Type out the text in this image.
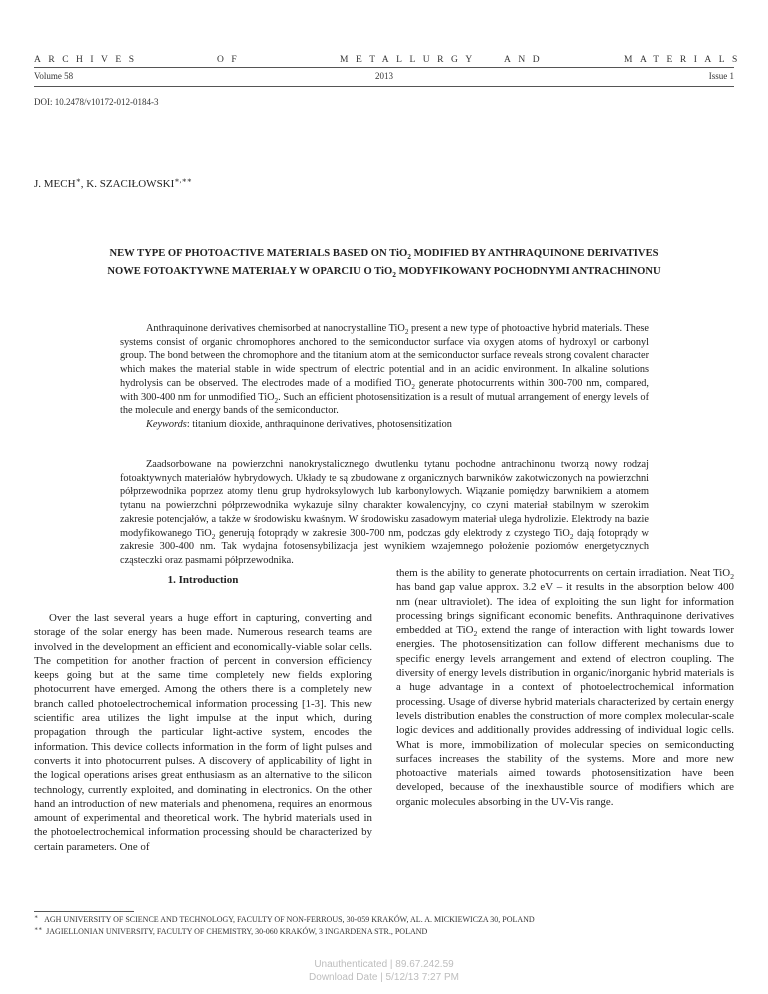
ARCHIVES	OF	METALLURGY	AND	MATERIALS
Volume 58	2013	Issue 1
DOI: 10.2478/v10172-012-0184-3
J. MECH∗, K. SZACIŁOWSKI∗,∗∗
NEW TYPE OF PHOTOACTIVE MATERIALS BASED ON TiO$_2$ MODIFIED BY ANTHRAQUINONE DERIVATIVES
NOWE FOTOAKTYWNE MATERIAŁY W OPARCIU O TiO$_2$ MODYFIKOWANY POCHODNYMI ANTRACHINONU

Anthraquinone derivatives chemisorbed at nanocrystalline TiO$_2$ present a new type of photoactive hybrid materials. These systems consist of organic chromophores anchored to the semiconductor surface via oxygen atoms of hydroxyl or carbonyl group. The bond between the chromophore and the titanium atom at the semiconductor surface reveals strong covalent character which makes the material stable in wide spectrum of electric potential and in an acidic environment. In alkaline solutions hydrolysis can be observed. The electrodes made of a modified TiO$_2$ generate photocurrents within 300-700 nm, compared, with 300-400 nm for unmodified TiO$_2$. Such an efficient photosensitization is a result of mutual arrangement of energy levels of the molecule and energy bands of the semiconductor.

Keywords: titanium dioxide, anthraquinone derivatives, photosensitization

Zaadsorbowane na powierzchni nanokrystalicznego dwutlenku tytanu pochodne antrachinonu tworzą nowy rodzaj fotoaktywnych materiałów hybrydowych. Układy te są zbudowane z organicznych barwników zakotwiczonych na powierzchni półprzewodnika poprzez atomy tlenu grup hydroksylowych lub karbonylowych. Wiązanie pomiędzy barwnikiem a atomem tytanu na powierzchni półprzewodnika wykazuje silny charakter kowalencyjny, co czyni materiał stabilnym w szerokim zakresie potencjałów, a także w środowisku kwaśnym. W środowisku zasadowym materiał ulega hydrolizie. Elektrody na bazie modyfikowanego TiO$_2$ generują fotoprądy w zakresie 300-700 nm, podczas gdy elektrody z czystego TiO$_2$ dają fotoprądy w zakresie 300-400 nm. Tak wydajna fotosensybilizacja jest wynikiem wzajemnego położenie poziomów energetycznych cząsteczki oraz pasmami półprzewodnika.

1. Introduction

Over the last several years a huge effort in capturing, converting and storage of the solar energy has been made. Numerous research teams are involved in the development an efficient and economically-viable solar cells. The competition for another fraction of percent in conversion efficiency keeps going but at the same time completely new fields exploring photocurrent have emerged. Among the others there is a completely new branch called photoelectrochemical information processing [1-3]. This new scientific area utilizes the light impulse at the input which, during propagation through the particular light-active system, encodes the information. This device collects information in the form of light pulses and converts it into photocurrent pulses. A discovery of applicability of light in the logical operations arises great enthusiasm as an alternative to the silicon technology, currently exploited, and dominating in electronics. On the other hand an introduction of new materials and phenomena, requires an enormous amount of experimental and theoretical work. The hybrid materials used in the photoelectrochemical information processing should be characterized by certain parameters. One of

them is the ability to generate photocurrents on certain irradiation. Neat TiO$_2$ has band gap value approx. 3.2 eV – it results in the absorption below 400 nm (near ultraviolet). The idea of exploiting the sun light for information processing brings significant economic benefits. Anthraquinone derivatives embedded at TiO$_2$ extend the range of interaction with light towards lower energies. The photosensitization can follow different mechanisms due to specific energy levels arrangement and extend of electron coupling. The diversity of energy levels distribution in organic/inorganic hybrid materials is a huge advantage in a context of photoelectrochemical information processing. Usage of diverse hybrid materials characterized by certain energy levels distribution enables the construction of more complex molecular-scale logic devices and additionally provides addressing of individual logic cells. What is more, immobilization of molecular species on semiconducting surfaces increases the stability of the systems. More and more new photoactive materials aimed towards photosensitization have been developed, because of the inexhaustible source of modifiers which are organic molecules absorbing in the UV-Vis range.

∗ AGH UNIVERSITY OF SCIENCE AND TECHNOLOGY, FACULTY OF NON-FERROUS, 30-059 KRAKÓW, AL. A. MICKIEWICZA 30, POLAND
∗∗ JAGIELLONIAN UNIVERSITY, FACULTY OF CHEMISTRY, 30-060 KRAKÓW, 3 INGARDENA STR., POLAND
Unauthenticated | 89.67.242.59
Download Date | 5/12/13 7:27 PM
